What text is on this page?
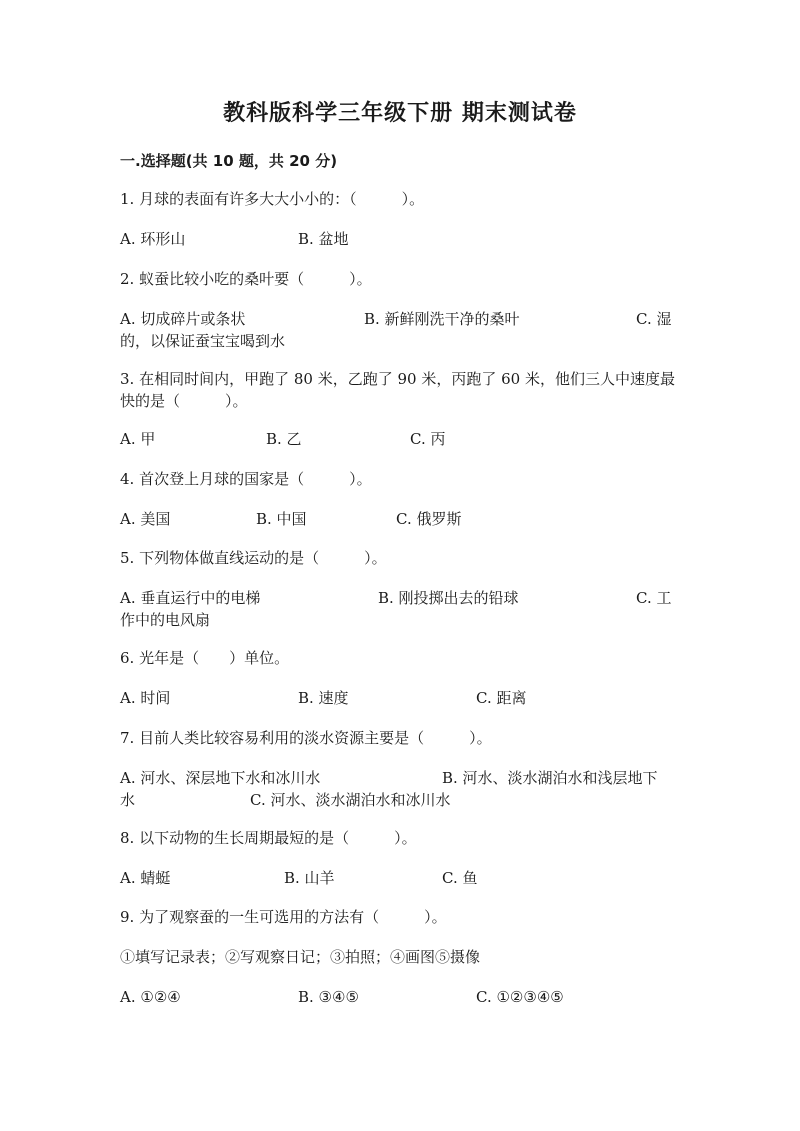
教科版科学三年级下册 期末测试卷
一.选择题(共 10 题，共 20 分)
1. 月球的表面有许多大大小小的：（　　　）。
A. 环形山	B. 盆地
2. 蚁蚕比较小吃的桑叶要（　　　）。
A. 切成碎片或条状	B. 新鲜刚洗干净的桑叶	C. 湿
的，以保证蚕宝宝喝到水
3. 在相同时间内，甲跑了 80 米，乙跑了 90 米，丙跑了 60 米，他们三人中速度最快的是（　　　）。
A. 甲	B. 乙	C. 丙
4. 首次登上月球的国家是（　　　）。
A. 美国	B. 中国	C. 俄罗斯
5. 下列物体做直线运动的是（　　　）。
A. 垂直运行中的电梯	B. 刚投掷出去的铅球	C. 工
作中的电风扇
6. 光年是（　　）单位。
A. 时间	B. 速度	C. 距离
7. 目前人类比较容易利用的淡水资源主要是（　　　）。
A. 河水、深层地下水和冰川水	B. 河水、淡水湖泊水和浅层地下
水	C. 河水、淡水湖泊水和冰川水
8. 以下动物的生长周期最短的是（　　　）。
A. 蜻蜓	B. 山羊	C. 鱼
9. 为了观察蚕的一生可选用的方法有（　　　）。
①填写记录表；②写观察日记；③拍照；④画图⑤摄像
A. ①②④	B. ③④⑤	C. ①②③④⑤
